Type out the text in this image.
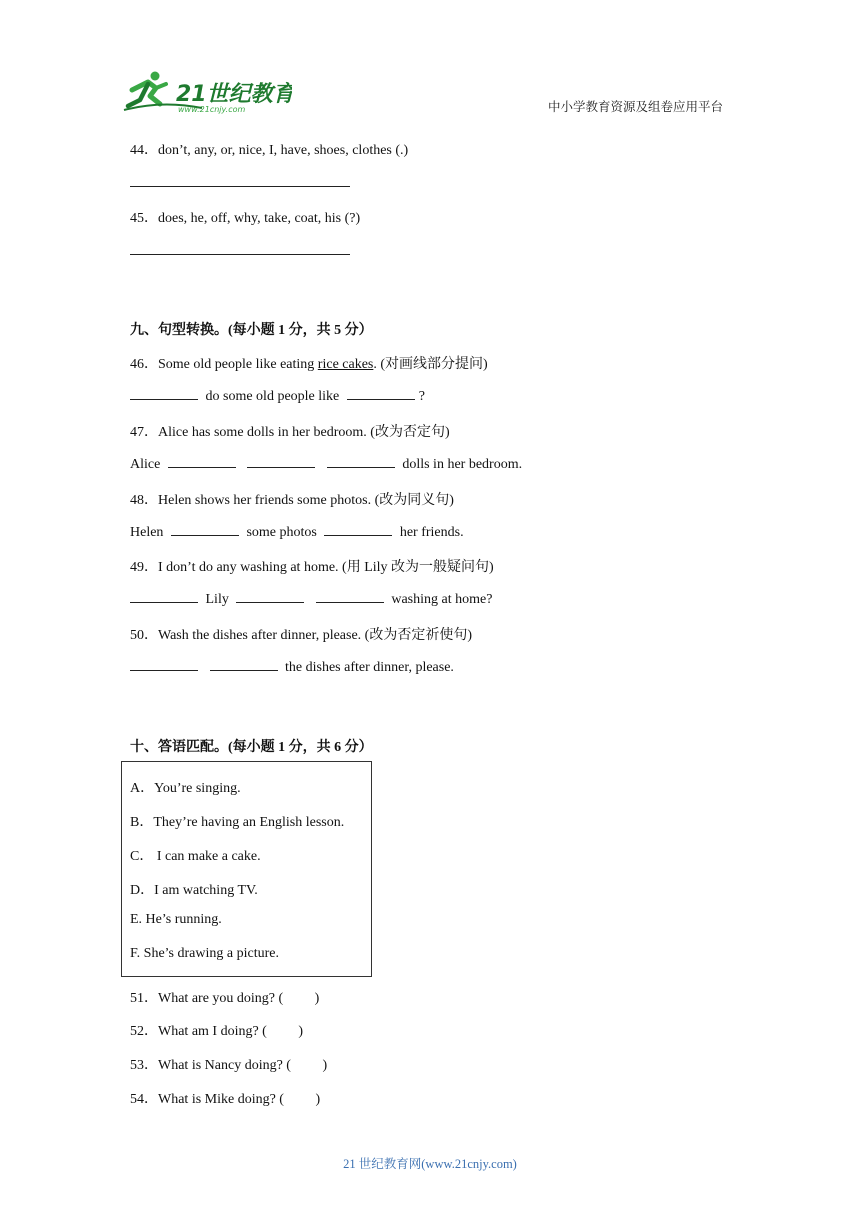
21世纪教育
www.21cnjy.com	中小学教育资源及组卷应用平台
44．don’t, any, or, nice, I, have, shoes, clothes (.)
45．does, he, off, why, take, coat, his (?)
九、句型转换。(每小题 1 分，共 5 分）
46．Some old people like eating rice cakes. (对画线部分提问)
do some old people like	?
47．Alice has some dolls in her bedroom. (改为否定句)
Alice	dolls in her bedroom.
48．Helen shows her friends some photos. (改为同义句)
Helen	some photos	her friends.
49．I don’t do any washing at home. (用 Lily 改为一般疑问句)
Lily	washing at home?
50．Wash the dishes after dinner, please. (改为否定祈使句)
the dishes after dinner, please.
十、答语匹配。(每小题 1 分，共 6 分）
A．You’re singing.
B．They’re having an English lesson.
C． I can make a cake.
D．I am watching TV.
E. He’s running.
F. She’s drawing a picture.
51．What are you doing? (　　 )
52．What am I doing? (　　 )
53．What is Nancy doing? (　　 )
54．What is Mike doing? (　　 )
21 世纪教育网(www.21cnjy.com)
